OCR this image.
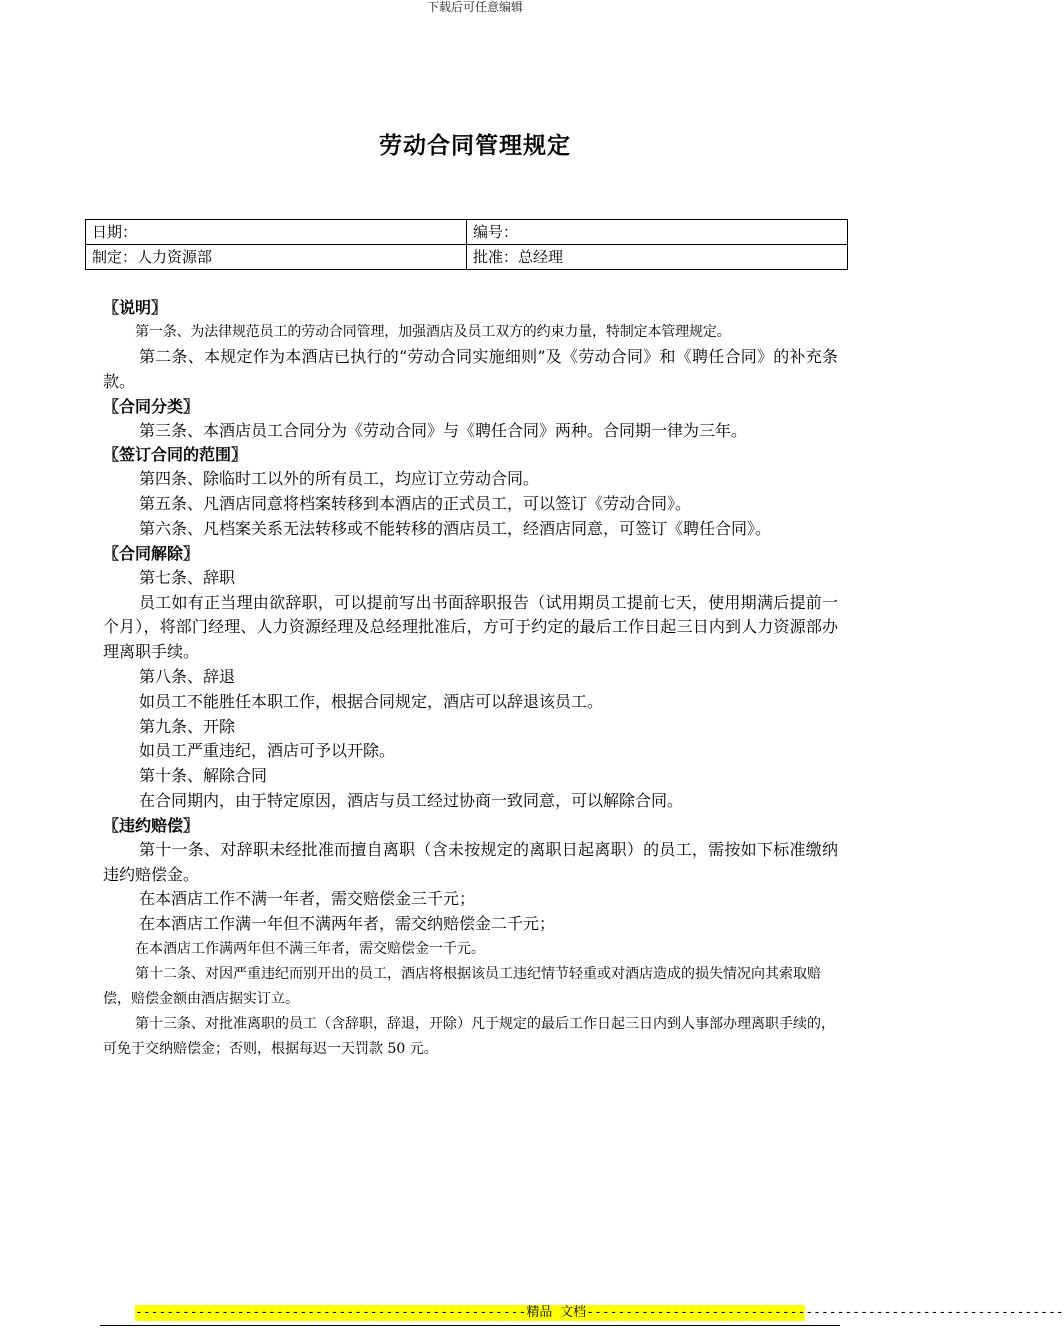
下载后可任意编辑
劳动合同管理规定
日期：	编号：
制定：人力资源部	批准：总经理

〖说明〗

第一条、为法律规范员工的劳动合同管理，加强酒店及员工双方的约束力量，特制定本管理规定。

第二条、本规定作为本酒店已执行的“劳动合同实施细则”及《劳动合同》和《聘任合同》的补充条款。

〖合同分类〗

第三条、本酒店员工合同分为《劳动合同》与《聘任合同》两种。合同期一律为三年。

〖签订合同的范围〗

第四条、除临时工以外的所有员工，均应订立劳动合同。

第五条、凡酒店同意将档案转移到本酒店的正式员工，可以签订《劳动合同》。

第六条、凡档案关系无法转移或不能转移的酒店员工，经酒店同意，可签订《聘任合同》。

〖合同解除〗

第七条、辞职

员工如有正当理由欲辞职，可以提前写出书面辞职报告（试用期员工提前七天，使用期满后提前一个月），将部门经理、人力资源经理及总经理批准后，方可于约定的最后工作日起三日内到人力资源部办理离职手续。

第八条、辞退

如员工不能胜任本职工作，根据合同规定，酒店可以辞退该员工。

第九条、开除

如员工严重违纪，酒店可予以开除。

第十条、解除合同

在合同期内，由于特定原因，酒店与员工经过协商一致同意，可以解除合同。

〖违约赔偿〗

第十一条、对辞职未经批准而擅自离职（含未按规定的离职日起离职）的员工，需按如下标准缴纳违约赔偿金。

在本酒店工作不满一年者，需交赔偿金三千元；

在本酒店工作满一年但不满两年者，需交纳赔偿金二千元；

在本酒店工作满两年但不满三年者，需交赔偿金一千元。

第十二条、对因严重违纪而别开出的员工，酒店将根据该员工违纪情节轻重或对酒店造成的损失情况向其索取赔偿，赔偿金额由酒店据实订立。

第十三条、对批准离职的员工（含辞职，辞退，开除）凡于规定的最后工作日起三日内到人事部办理离职手续的，可免于交纳赔偿金；否则，根据每迟一天罚款 50 元。

--------------------------------------------------精品 文档-------------------------------------------------------------
